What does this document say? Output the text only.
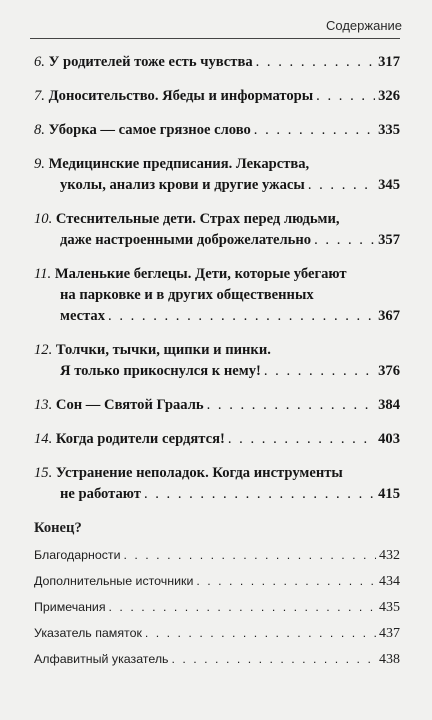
Содержание
6. У родителей тоже есть чувства . . .	317
7. Доносительство. Ябеды и информаторы . . .	326
8. Уборка — самое грязное слово . . .	335
9. Медицинские предписания. Лекарства,
уколы, анализ крови и другие ужасы . . .	345
10. Стеснительные дети. Страх перед людьми,
даже настроенными доброжелательно . . .	357
11. Маленькие беглецы. Дети, которые убегают
на парковке и в других общественных
местах . . .	367
12. Толчки, тычки, щипки и пинки.
Я только прикоснулся к нему! . . .	376
13. Сон — Святой Грааль . . .	384
14. Когда родители сердятся! . . .	403
15. Устранение неполадок. Когда инструменты
не работают . . .	415
Конец?
Благодарности . . .	432
Дополнительные источники . . .	434
Примечания . . .	435
Указатель памяток . . .	437
Алфавитный указатель . . .	438
